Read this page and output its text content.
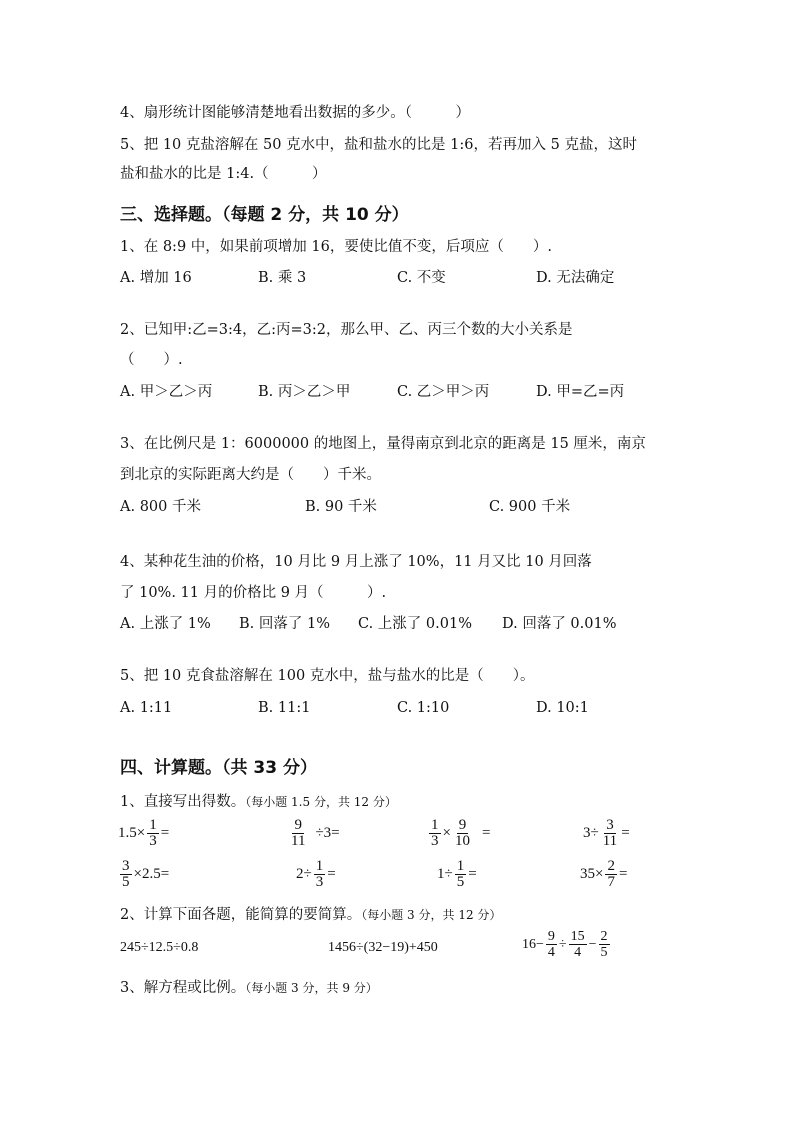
4、扇形统计图能够清楚地看出数据的多少。（　　　）
5、把 10 克盐溶解在 50 克水中，盐和盐水的比是 1:6，若再加入 5 克盐，这时
盐和盐水的比是 1:4.（　　　）
三、选择题。（每题 2 分，共 10 分）
1、在 8:9 中，如果前项增加 16，要使比值不变，后项应（　　）.
A. 增加 16	B. 乘 3	C. 不变	D. 无法确定
2、已知甲:乙=3:4，乙:丙=3:2，那么甲、乙、丙三个数的大小关系是
（　　）.
A. 甲＞乙＞丙	B. 丙＞乙＞甲	C. 乙＞甲＞丙	D. 甲=乙=丙
3、在比例尺是 1：6000000 的地图上，量得南京到北京的距离是 15 厘米，南京
到北京的实际距离大约是（　　）千米。
A. 800 千米	B. 90 千米	C. 900 千米
4、某种花生油的价格，10 月比 9 月上涨了 10%，11 月又比 10 月回落
了 10%. 11 月的价格比 9 月（　　　）.
A. 上涨了 1% B. 回落了 1% C. 上涨了 0.01% D. 回落了 0.01%
5、把 10 克食盐溶解在 100 克水中，盐与盐水的比是（　　）。
A. 1:11	B. 11:1	C. 1:10	D. 10:1
四、计算题。（共 33 分）
1、直接写出得数。（每小题 1.5 分，共 12 分）
$1.5\times \frac{1}{3}$ =	$\frac{9}{11} \div 3=$	$\frac{1}{3} \times \frac{9}{10}$ =	$3\div \frac{3}{11}$ =
$\frac{3}{5} \times 2.5=$	$2\div \frac{1}{3}$ =	$1\div \frac{1}{5}$ =	$35\times \frac{2}{7}$ =
2、计算下面各题，能简算的要简算。（每小题 3 分，共 12 分）
245÷12.5÷0.8	1456÷(32−19)+450	$16- \frac{9}{4} \div \frac{15}{4} - \frac{2}{5}$
3、解方程或比例。（每小题 3 分，共 9 分）
